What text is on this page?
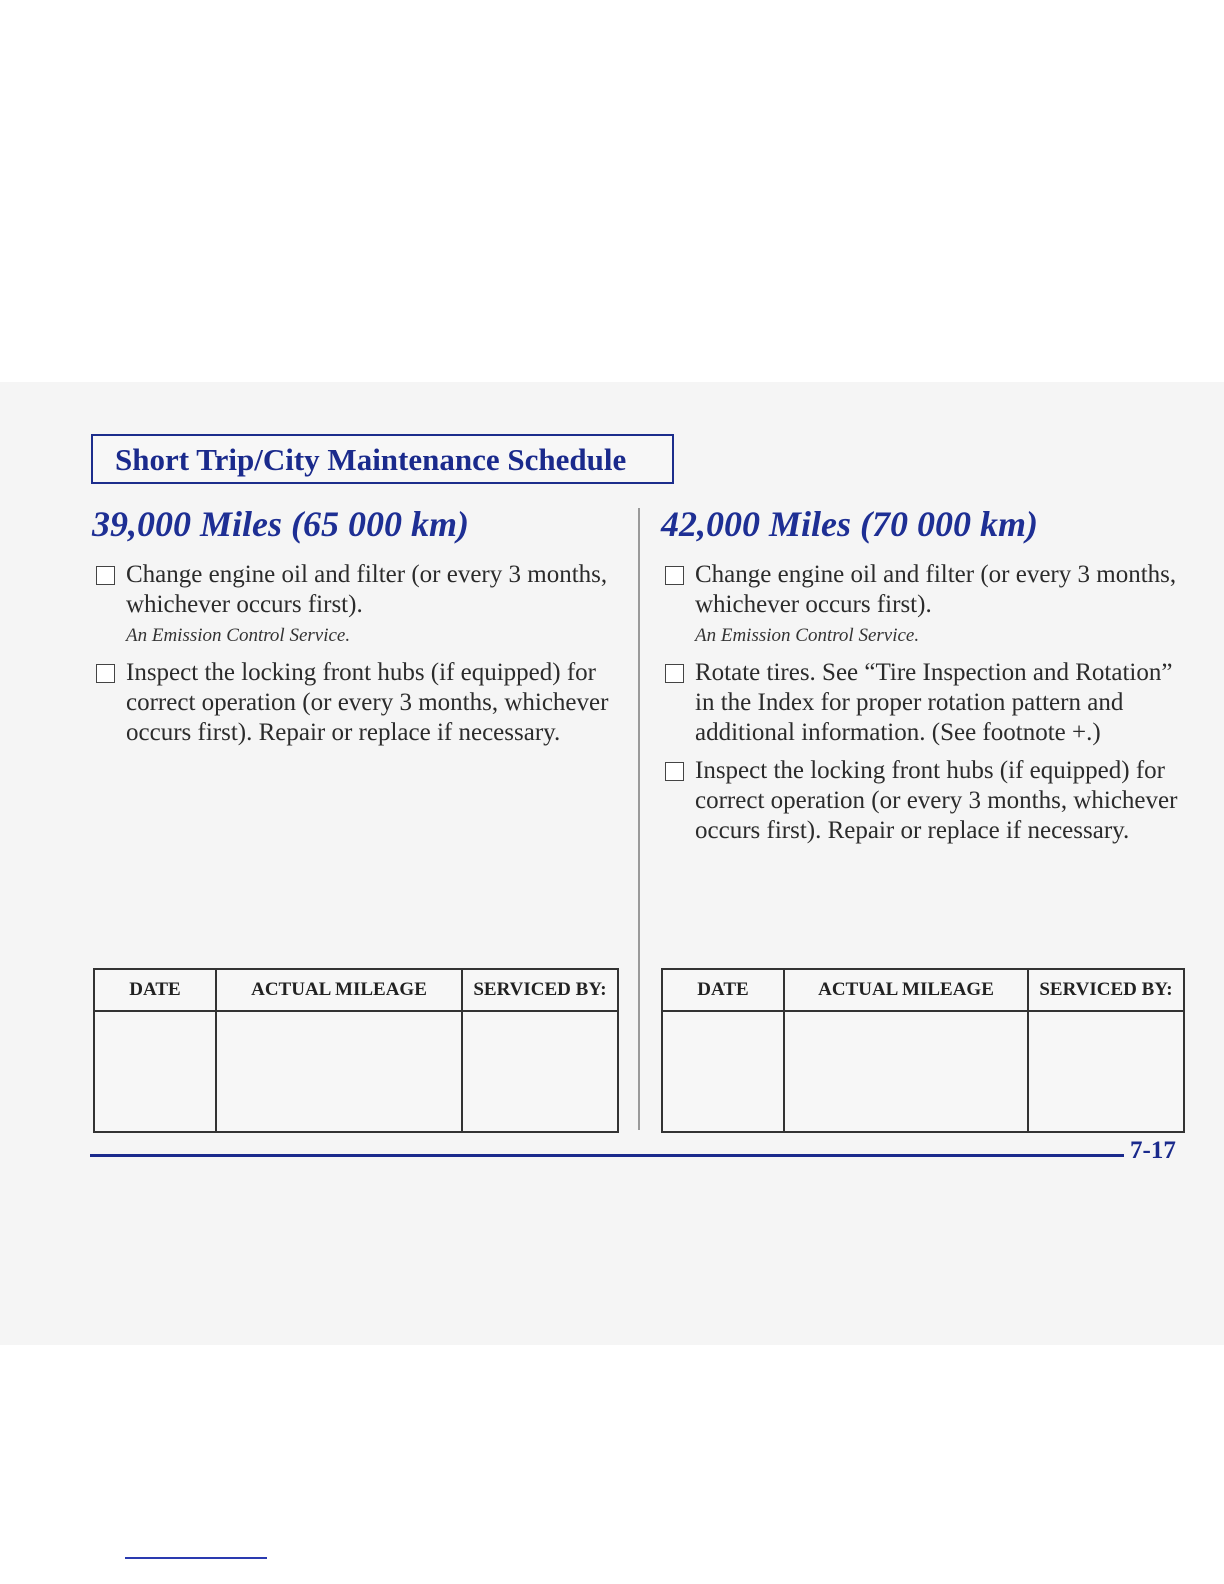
Short Trip/City Maintenance Schedule
39,000 Miles (65 000 km)
Change engine oil and filter (or every 3 months, whichever occurs first).
An Emission Control Service.
Inspect the locking front hubs (if equipped) for correct operation (or every 3 months, whichever occurs first). Repair or replace if necessary.
42,000 Miles (70 000 km)
Change engine oil and filter (or every 3 months, whichever occurs first).
An Emission Control Service.
Rotate tires. See “Tire Inspection and Rotation” in the Index for proper rotation pattern and additional information. (See footnote +.)
Inspect the locking front hubs (if equipped) for correct operation (or every 3 months, whichever occurs first). Repair or replace if necessary.
DATE	ACTUAL MILEAGE	SERVICED BY:
			DATE	ACTUAL MILEAGE	SERVICED BY:

7-17
